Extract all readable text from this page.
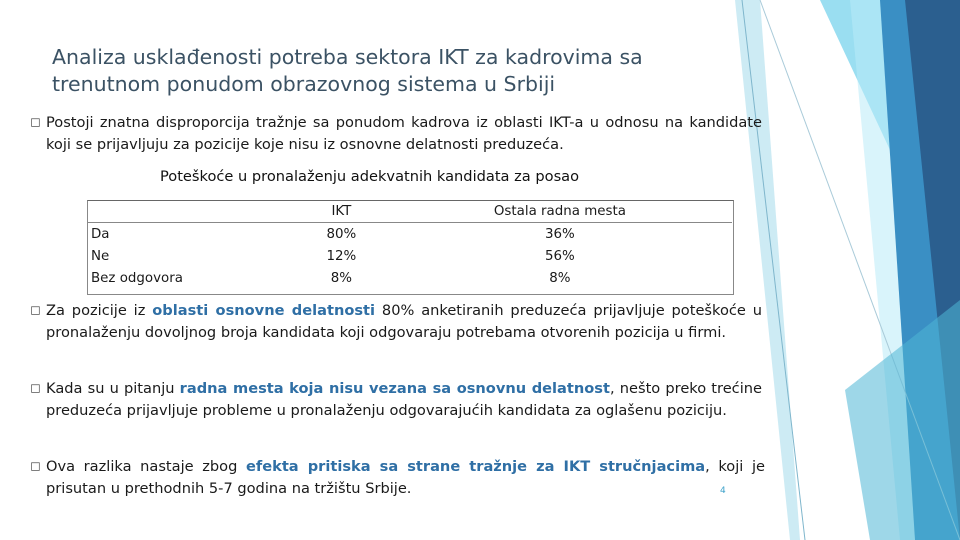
Analiza usklađenosti potreba sektora IKT za kadrovima sa trenutnom ponudom obrazovnog sistema u Srbiji
◻ Postoji znatna disproporcija tražnje sa ponudom kadrova iz oblasti IKT-a u odnosu na kandidate koji se prijavljuju za pozicije koje nisu iz osnovne delatnosti preduzeća.
Poteškoće u pronalaženju adekvatnih kandidata za posao
	IKT	Ostala radna mesta
Da	80%	36%
Ne	12%	56%
Bez odgovora	8%	8%
◻ Za pozicije iz oblasti osnovne delatnosti 80% anketiranih preduzeća prijavljuje poteškoće u pronalaženju dovoljnog broja kandidata koji odgovaraju potrebama otvorenih pozicija u firmi.
◻ Kada su u pitanju radna mesta koja nisu vezana sa osnovnu delatnost, nešto preko trećine preduzeća prijavljuje probleme u pronalaženju odgovarajućih kandidata za oglašenu poziciju.
◻ Ova razlika nastaje zbog efekta pritiska sa strane tražnje za IKT stručnjacima, koji je prisutan u prethodnih 5-7 godina na tržištu Srbije.	4
